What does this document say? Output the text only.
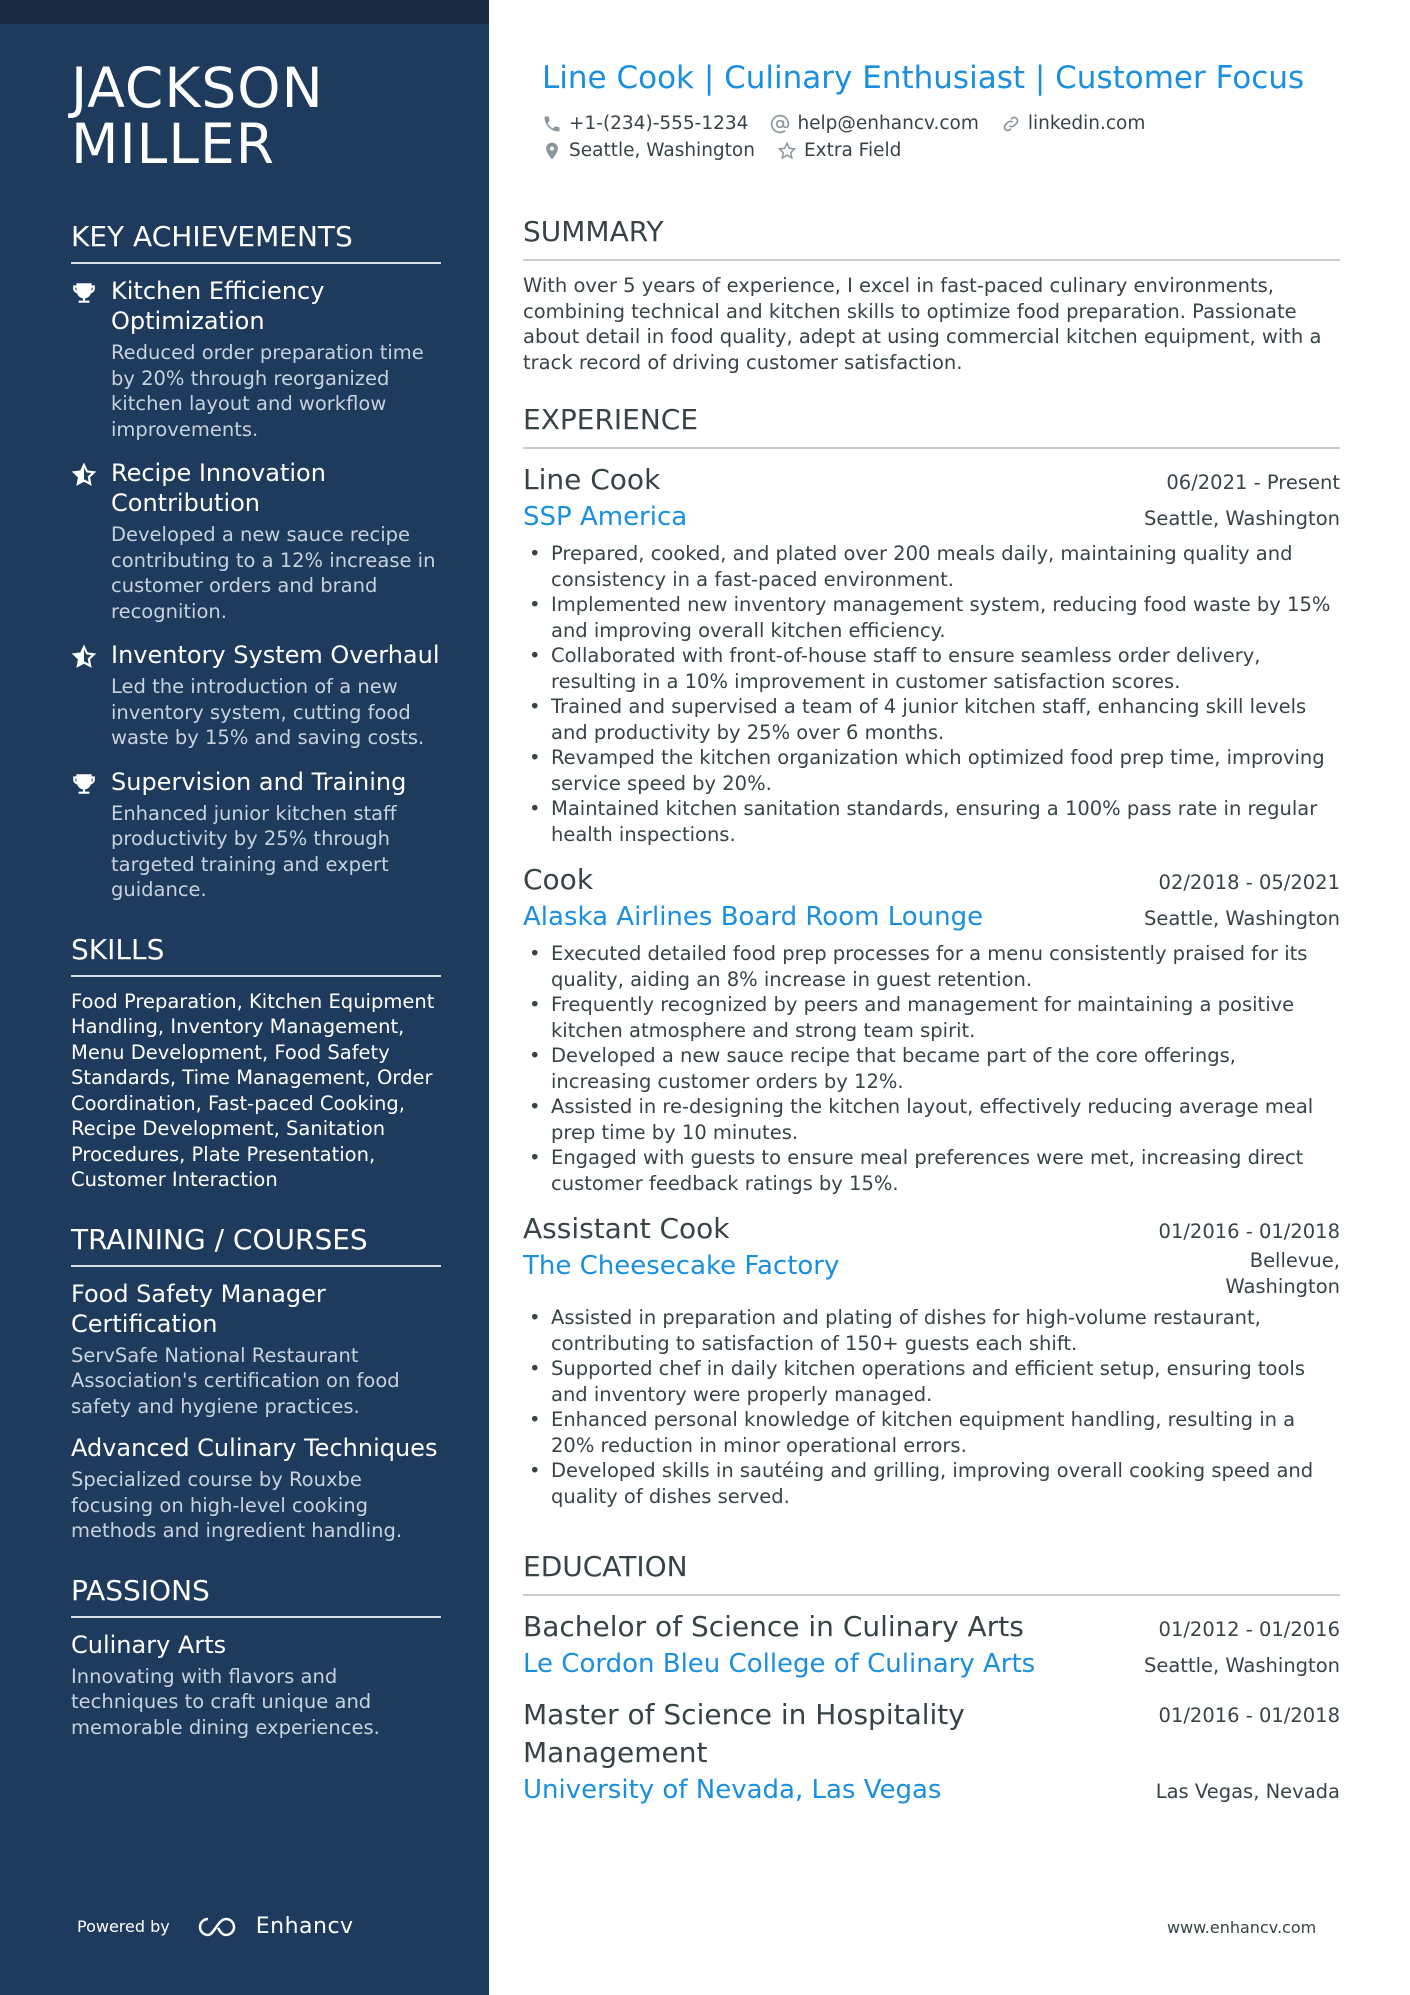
JACKSON
MILLER
KEY ACHIEVEMENTS
Kitchen Efficiency Optimization
Reduced order preparation time by 20% through reorganized kitchen layout and workflow improvements.
Recipe Innovation Contribution
Developed a new sauce recipe contributing to a 12% increase in customer orders and brand recognition.
Inventory System Overhaul
Led the introduction of a new inventory system, cutting food waste by 15% and saving costs.
Supervision and Training
Enhanced junior kitchen staff productivity by 25% through targeted training and expert guidance.
SKILLS
Food Preparation, Kitchen Equipment Handling, Inventory Management, Menu Development, Food Safety Standards, Time Management, Order Coordination, Fast-paced Cooking, Recipe Development, Sanitation Procedures, Plate Presentation, Customer Interaction
TRAINING / COURSES
Food Safety Manager Certification
ServSafe National Restaurant Association's certification on food safety and hygiene practices.
Advanced Culinary Techniques
Specialized course by Rouxbe focusing on high-level cooking methods and ingredient handling.
PASSIONS
Culinary Arts
Innovating with flavors and techniques to craft unique and memorable dining experiences.
Powered by	Enhancv
Line Cook | Culinary Enthusiast | Customer Focus
+1-(234)-555-1234	help@enhancv.com	linkedin.com
Seattle, Washington	Extra Field
SUMMARY
With over 5 years of experience, I excel in fast-paced culinary environments, combining technical and kitchen skills to optimize food preparation. Passionate about detail in food quality, adept at using commercial kitchen equipment, with a track record of driving customer satisfaction.
EXPERIENCE
Line Cook	06/2021 - Present
SSP America	Seattle, Washington
• Prepared, cooked, and plated over 200 meals daily, maintaining quality and consistency in a fast-paced environment.
• Implemented new inventory management system, reducing food waste by 15% and improving overall kitchen efficiency.
• Collaborated with front-of-house staff to ensure seamless order delivery, resulting in a 10% improvement in customer satisfaction scores.
• Trained and supervised a team of 4 junior kitchen staff, enhancing skill levels and productivity by 25% over 6 months.
• Revamped the kitchen organization which optimized food prep time, improving service speed by 20%.
• Maintained kitchen sanitation standards, ensuring a 100% pass rate in regular health inspections.
Cook	02/2018 - 05/2021
Alaska Airlines Board Room Lounge	Seattle, Washington
• Executed detailed food prep processes for a menu consistently praised for its quality, aiding an 8% increase in guest retention.
• Frequently recognized by peers and management for maintaining a positive kitchen atmosphere and strong team spirit.
• Developed a new sauce recipe that became part of the core offerings, increasing customer orders by 12%.
• Assisted in re-designing the kitchen layout, effectively reducing average meal prep time by 10 minutes.
• Engaged with guests to ensure meal preferences were met, increasing direct customer feedback ratings by 15%.
Assistant Cook	01/2016 - 01/2018
The Cheesecake Factory	Bellevue,
Washington
• Assisted in preparation and plating of dishes for high-volume restaurant, contributing to satisfaction of 150+ guests each shift.
• Supported chef in daily kitchen operations and efficient setup, ensuring tools and inventory were properly managed.
• Enhanced personal knowledge of kitchen equipment handling, resulting in a 20% reduction in minor operational errors.
• Developed skills in sautéing and grilling, improving overall cooking speed and quality of dishes served.
EDUCATION
Bachelor of Science in Culinary Arts	01/2012 - 01/2016
Le Cordon Bleu College of Culinary Arts	Seattle, Washington
Master of Science in Hospitality
Management
01/2016 - 01/2018
University of Nevada, Las Vegas	Las Vegas, Nevada
www.enhancv.com
